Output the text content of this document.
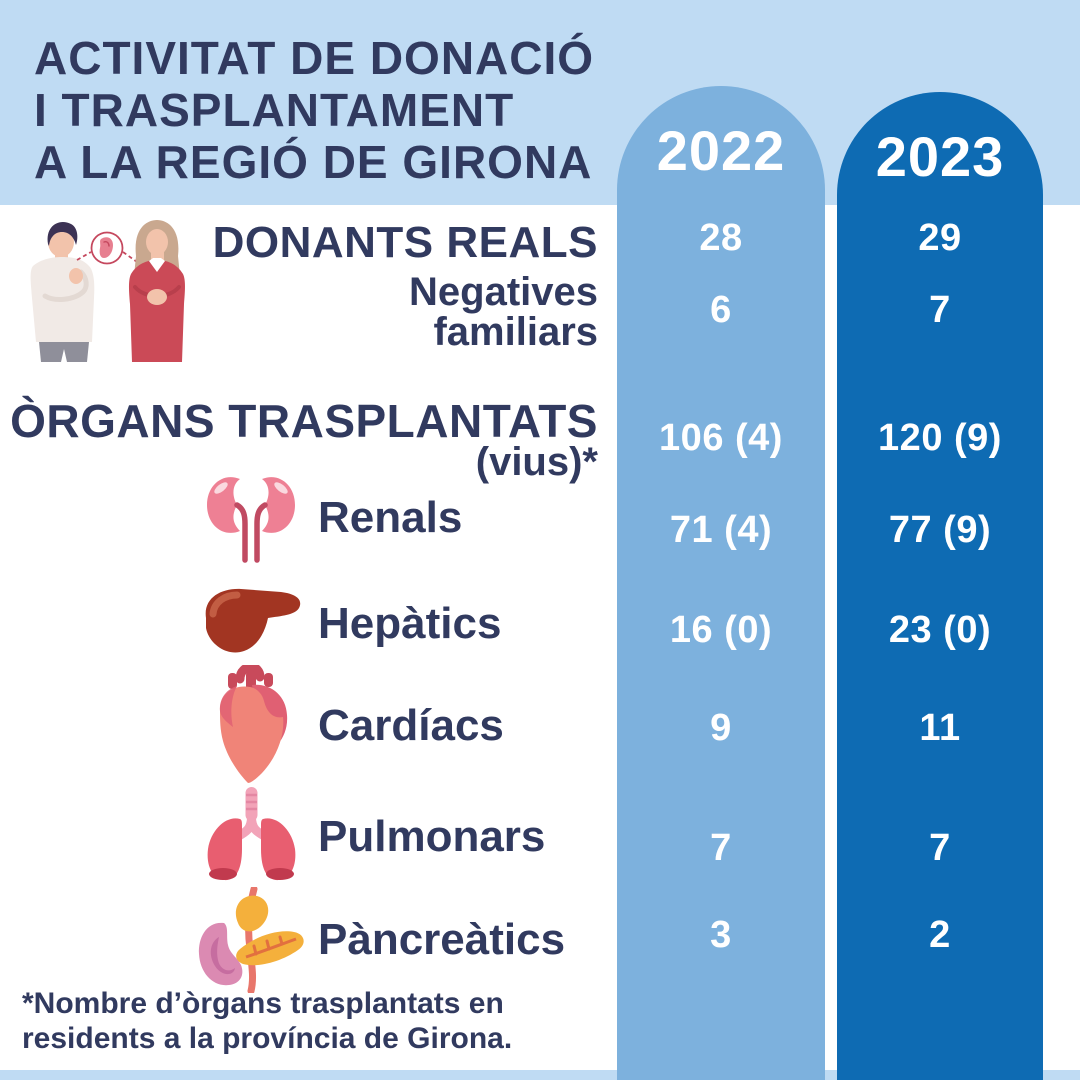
ACTIVITAT DE DONACIÓ
I TRASPLANTAMENT
A LA REGIÓ DE GIRONA	2022	2023
DONANTS REALS
Negatives
familiars
ÒRGANS TRASPLANTATS
(vius)*
Renals
Hepàtics
Cardíacs
Pulmonars
Pàncreàtics
28
6
106 (4)
71 (4)
16 (0)
9
7
3
29
7
120 (9)
77 (9)
23 (0)
11
7
2
*Nombre d’òrgans trasplantats en
residents a la província de Girona.
